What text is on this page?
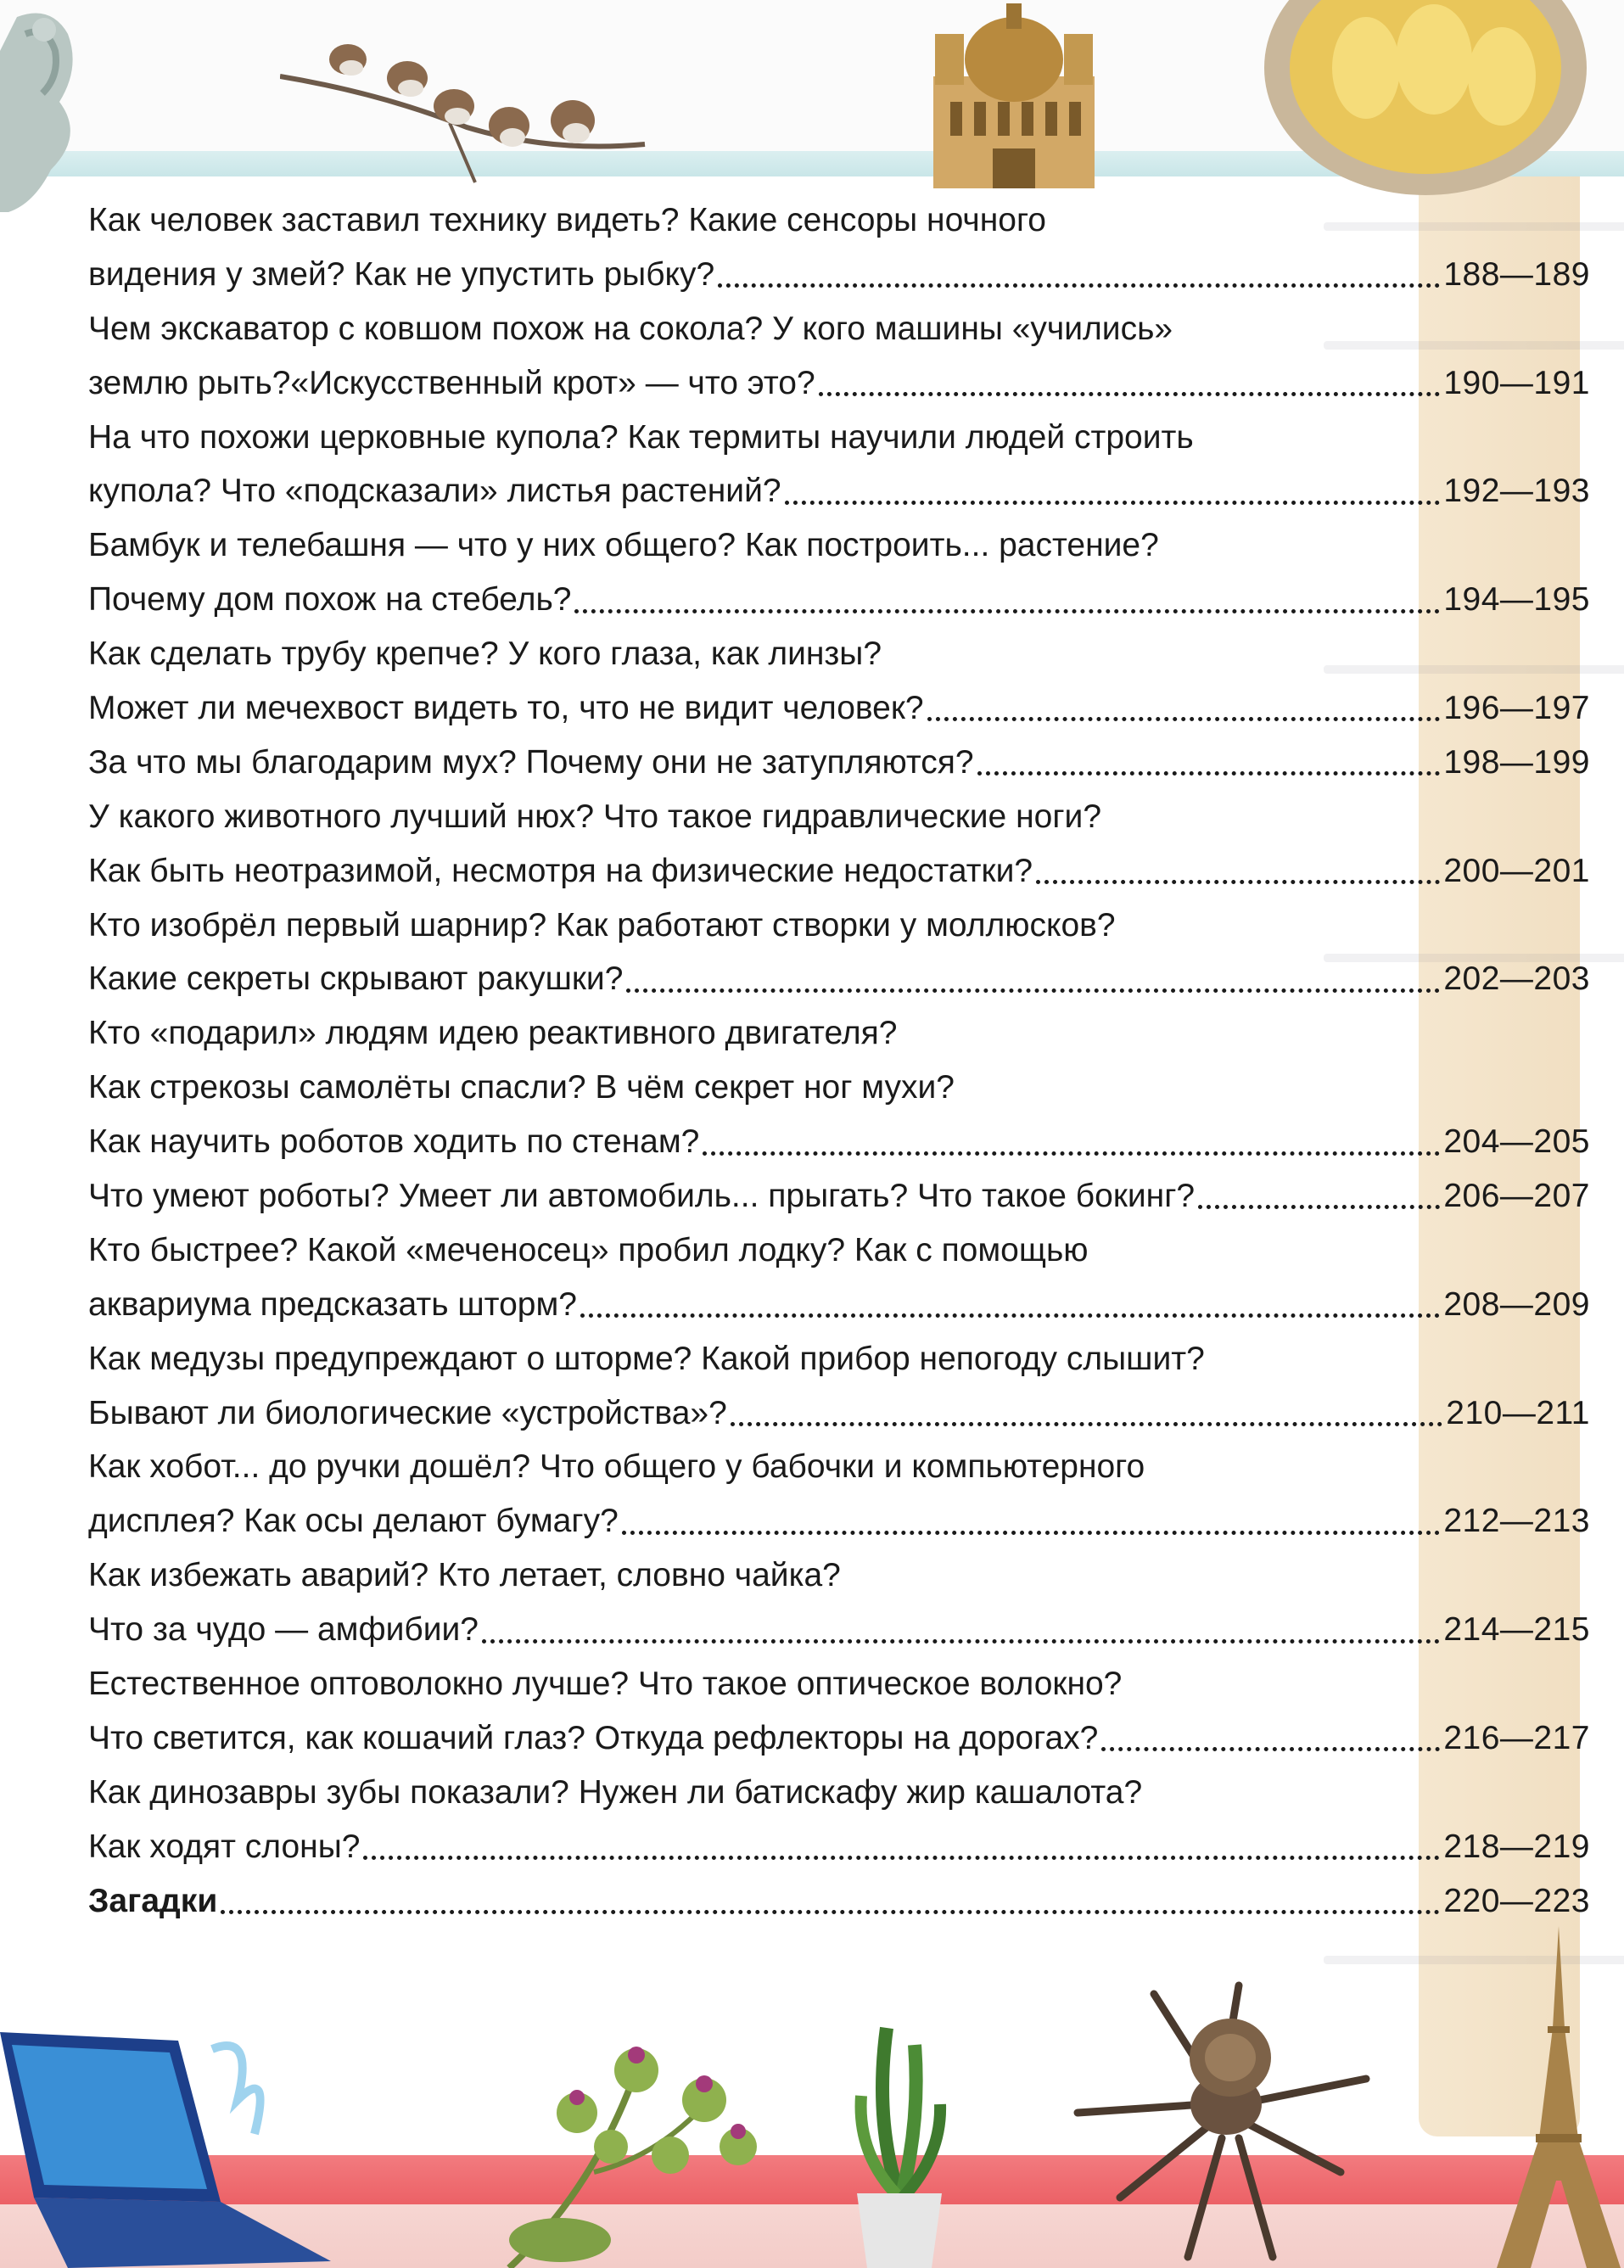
Как человек заставил технику видеть? Какие сенсоры ночного
видения у змей? Как не упустить рыбку?	188—189
Чем экскаватор с ковшом похож на сокола? У кого машины «учились»
землю рыть?«Искусственный крот» — что это?	190—191
На что похожи церковные купола? Как термиты научили людей строить
купола? Что «подсказали» листья растений?	192—193
Бамбук и телебашня — что у них общего? Как построить... растение?
Почему дом похож на стебель?	194—195
Как сделать трубу крепче? У кого глаза, как линзы?
Может ли мечехвост видеть то, что не видит человек?	196—197
За что мы благодарим мух? Почему они не затупляются?	198—199
У какого животного лучший нюх? Что такое гидравлические ноги?
Как быть неотразимой, несмотря на физические недостатки?	200—201
Кто изобрёл первый шарнир? Как работают створки у моллюсков?
Какие секреты скрывают ракушки?	202—203
Кто «подарил» людям идею реактивного двигателя?
Как стрекозы самолёты спасли? В чём секрет ног мухи?
Как научить роботов ходить по стенам?	204—205
Что умеют роботы? Умеет ли автомобиль... прыгать? Что такое бокинг?	206—207
Кто быстрее? Какой «меченосец» пробил лодку? Как с помощью
аквариума предсказать шторм?	208—209
Как медузы предупреждают о шторме? Какой прибор непогоду слышит?
Бывают ли биологические «устройства»?	210—211
Как хобот... до ручки дошёл? Что общего у бабочки и компьютерного
дисплея? Как осы делают бумагу?	212—213
Как избежать аварий? Кто летает, словно чайка?
Что за чудо — амфибии?	214—215
Естественное оптоволокно лучше? Что такое оптическое волокно?
Что светится, как кошачий глаз? Откуда рефлекторы на дорогах?	216—217
Как динозавры зубы показали? Нужен ли батискафу жир кашалота?
Как ходят слоны?	218—219
Загадки	220—223
